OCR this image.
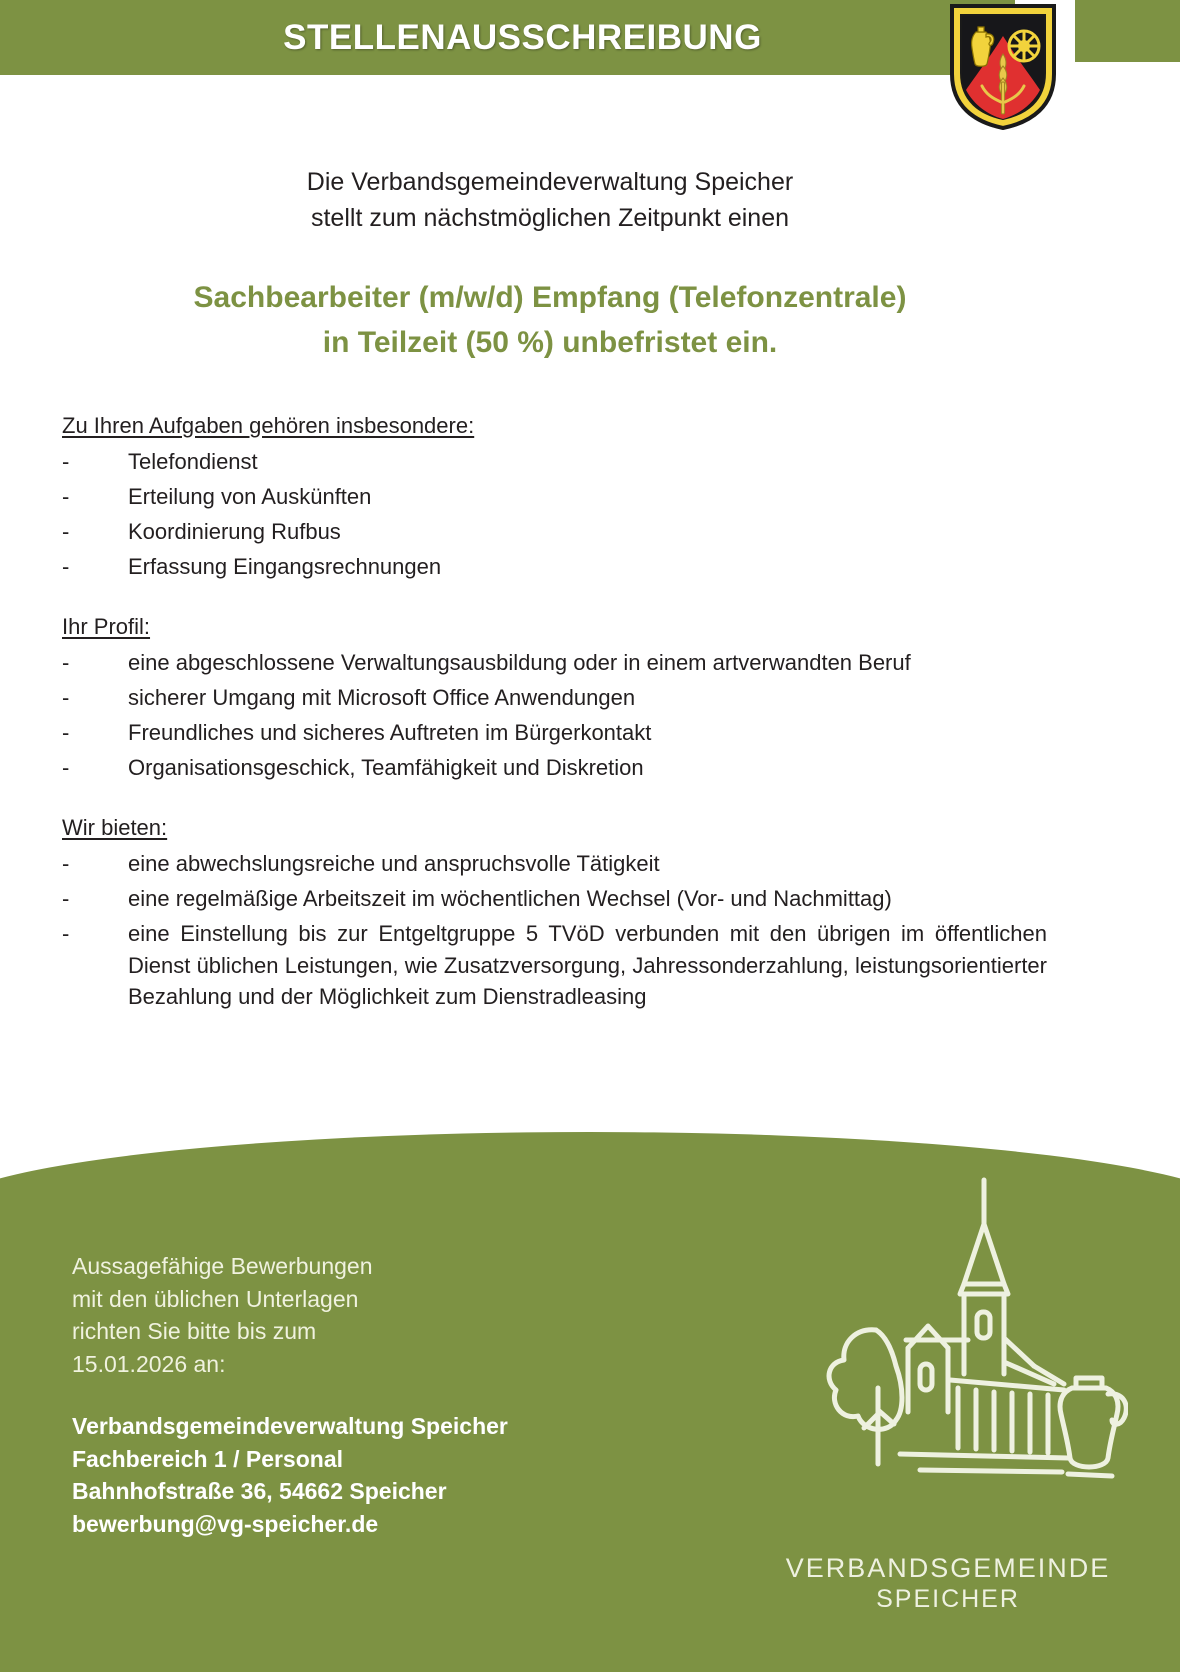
STELLENAUSSCHREIBUNG
Die Verbandsgemeindeverwaltung Speicher
stellt zum nächstmöglichen Zeitpunkt einen
Sachbearbeiter (m/w/d) Empfang (Telefonzentrale)
in Teilzeit (50 %) unbefristet ein.
Zu Ihren Aufgaben gehören insbesondere:
-	Telefondienst
-	Erteilung von Auskünften
-	Koordinierung Rufbus
-	Erfassung Eingangsrechnungen
Ihr Profil:
-	eine abgeschlossene Verwaltungsausbildung oder in einem artverwandten Beruf
-	sicherer Umgang mit Microsoft Office Anwendungen
-	Freundliches und sicheres Auftreten im Bürgerkontakt
-	Organisationsgeschick, Teamfähigkeit und Diskretion
Wir bieten:
-	eine abwechslungsreiche und anspruchsvolle Tätigkeit
-	eine regelmäßige Arbeitszeit im wöchentlichen Wechsel (Vor- und Nachmittag)
-	eine Einstellung bis zur Entgeltgruppe 5 TVöD verbunden mit den übrigen im öffentlichen Dienst üblichen Leistungen, wie Zusatzversorgung, Jahressonderzahlung, leistungsorientierter Bezahlung und der Möglichkeit zum Dienstradleasing
Aussagefähige Bewerbungen
mit den üblichen Unterlagen
richten Sie bitte bis zum
15.01.2026 an:
Verbandsgemeindeverwaltung Speicher
Fachbereich 1 / Personal
Bahnhofstraße 36, 54662 Speicher
bewerbung@vg-speicher.de
VERBANDSGEMEINDE
SPEICHER
